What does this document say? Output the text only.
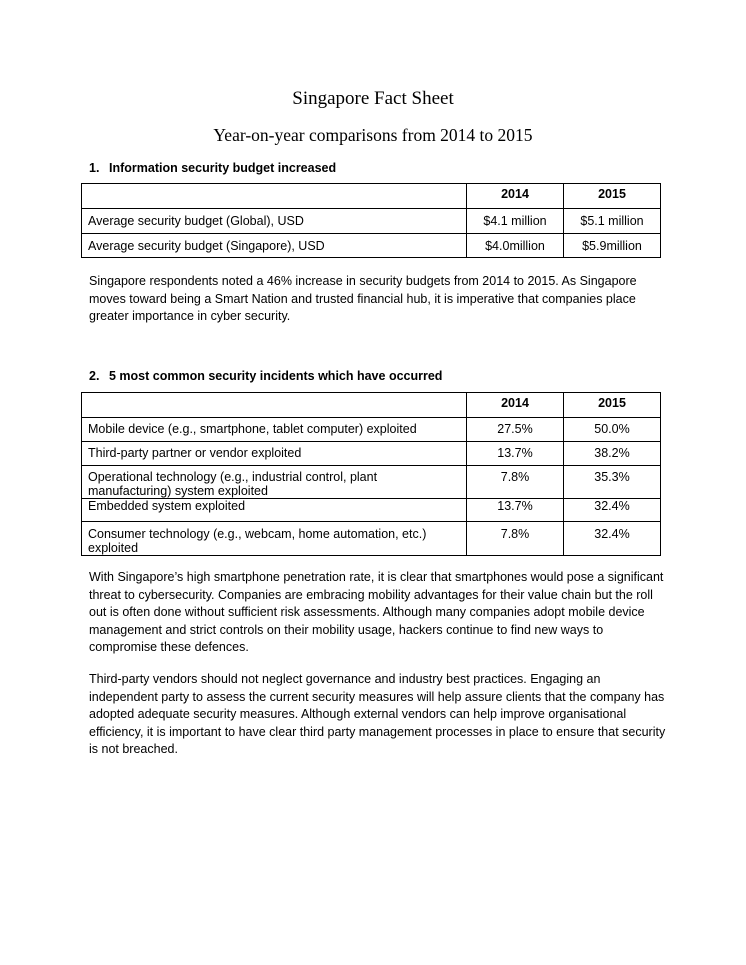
Singapore Fact Sheet
Year-on-year comparisons from 2014 to 2015
1. Information security budget increased
	2014	2015
Average security budget (Global), USD	$4.1 million	$5.1 million
Average security budget (Singapore), USD	$4.0million	$5.9million

Singapore respondents noted a 46% increase in security budgets from 2014 to 2015. As Singapore moves toward being a Smart Nation and trusted financial hub, it is imperative that companies place greater importance in cyber security.

2. 5 most common security incidents which have occurred
	2014	2015
Mobile device (e.g., smartphone, tablet computer) exploited	27.5%	50.0%
Third-party partner or vendor exploited	13.7%	38.2%
Operational technology (e.g., industrial control, plant manufacturing) system exploited	7.8%	35.3%
Embedded system exploited	13.7%	32.4%
Consumer technology (e.g., webcam, home automation, etc.) exploited	7.8%	32.4%

With Singapore’s high smartphone penetration rate, it is clear that smartphones would pose a significant threat to cybersecurity. Companies are embracing mobility advantages for their value chain but the roll out is often done without sufficient risk assessments. Although many companies adopt mobile device management and strict controls on their mobility usage, hackers continue to find new ways to compromise these defences.

Third-party vendors should not neglect governance and industry best practices. Engaging an independent party to assess the current security measures will help assure clients that the company has adopted adequate security measures. Although external vendors can help improve organisational efficiency, it is important to have clear third party management processes in place to ensure that security is not breached.
